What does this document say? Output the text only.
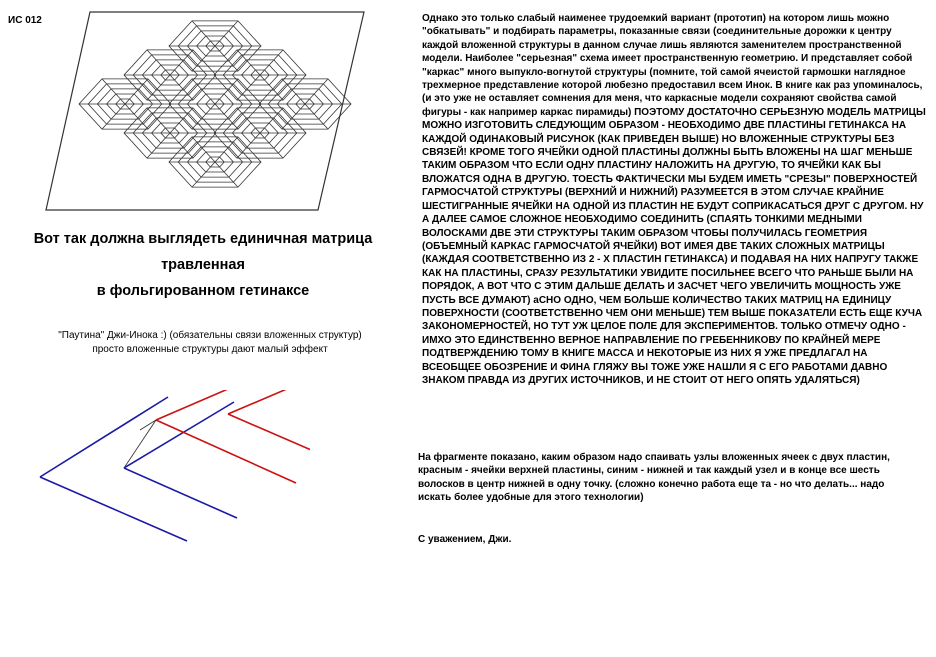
ИС 012
Вот так должна выглядеть единичная матрица
травленная
в фольгированном гетинаксе
"Паутина" Джи-Инока :) (обязательны связи вложенных структур)
просто вложенные структуры дают малый эффект

Однако это только слабый наименее трудоемкий вариант (прототип) на котором лишь можно "обкатывать" и подбирать параметры, показанные связи (соединительные дорожки к центру каждой вложенной структуры в данном случае лишь являются заменителем пространственной модели. Наиболее "серьезная" схема имеет пространственную геометрию. И представляет собой "каркас" много выпукло-вогнутой структуры (помните, той самой ячеистой гармошки наглядное трехмерное представление которой любезно предоставил всем Инок. В книге как раз упоминалось, (и это уже не оставляет сомнения для меня, что каркасные модели сохраняют свойства самой фигуры - как например каркас пирамиды) ПОЭТОМУ ДОСТАТОЧНО СЕРЬЕЗНУЮ МОДЕЛЬ МАТРИЦЫ МОЖНО ИЗГОТОВИТЬ СЛЕДУЮЩИМ ОБРАЗОМ - НЕОБХОДИМО ДВЕ ПЛАСТИНЫ ГЕТИНАКСА НА КАЖДОЙ ОДИНАКОВЫЙ РИСУНОК (КАК ПРИВЕДЕН ВЫШЕ) НО ВЛОЖЕННЫЕ СТРУКТУРЫ БЕЗ СВЯЗЕЙ! КРОМЕ ТОГО ЯЧЕЙКИ ОДНОЙ ПЛАСТИНЫ ДОЛЖНЫ БЫТЬ ВЛОЖЕНЫ НА ШАГ МЕНЬШЕ ТАКИМ ОБРАЗОМ ЧТО ЕСЛИ ОДНУ ПЛАСТИНУ НАЛОЖИТЬ НА ДРУГУЮ, ТО ЯЧЕЙКИ КАК БЫ ВЛОЖАТСЯ ОДНА В ДРУГУЮ. ТОЕСТЬ ФАКТИЧЕСКИ МЫ БУДЕМ ИМЕТЬ "СРЕЗЫ" ПОВЕРХНОСТЕЙ ГАРМОСЧАТОЙ СТРУКТУРЫ (ВЕРХНИЙ И НИЖНИЙ) РАЗУМЕЕТСЯ В ЭТОМ СЛУЧАЕ КРАЙНИЕ ШЕСТИГРАННЫЕ ЯЧЕЙКИ НА ОДНОЙ ИЗ ПЛАСТИН НЕ БУДУТ СОПРИКАСАТЬСЯ ДРУГ С ДРУГОМ. НУ А ДАЛЕЕ САМОЕ СЛОЖНОЕ НЕОБХОДИМО СОЕДИНИТЬ (СПАЯТЬ ТОНКИМИ МЕДНЫМИ ВОЛОСКАМИ ДВЕ ЭТИ СТРУКТУРЫ ТАКИМ ОБРАЗОМ ЧТОБЫ ПОЛУЧИЛАСЬ ГЕОМЕТРИЯ (ОБЪЕМНЫЙ КАРКАС ГАРМОСЧАТОЙ ЯЧЕЙКИ) ВОТ ИМЕЯ ДВЕ ТАКИХ СЛОЖНЫХ МАТРИЦЫ (КАЖДАЯ СООТВЕТСТВЕННО ИЗ 2 - Х ПЛАСТИН ГЕТИНАКСА) И ПОДАВАЯ НА НИХ НАПРУГУ ТАКЖЕ КАК НА ПЛАСТИНЫ, СРАЗУ РЕЗУЛЬТАТИКИ УВИДИТЕ ПОСИЛЬНЕЕ ВСЕГО ЧТО РАНЬШЕ БЫЛИ НА ПОРЯДОК, А ВОТ ЧТО С ЭТИМ ДАЛЬШЕ ДЕЛАТЬ И ЗАСЧЕТ ЧЕГО УВЕЛИЧИТЬ МОЩНОСТЬ УЖЕ ПУСТЬ ВСЕ ДУМАЮТ) аСНО ОДНО, ЧЕМ БОЛЬШЕ КОЛИЧЕСТВО ТАКИХ МАТРИЦ НА ЕДИНИЦУ ПОВЕРХНОСТИ (СООТВЕТСТВЕННО ЧЕМ ОНИ МЕНЬШЕ) ТЕМ ВЫШЕ ПОКАЗАТЕЛИ ЕСТЬ ЕЩЕ КУЧА ЗАКОНОМЕРНОСТЕЙ, НО ТУТ УЖ ЦЕЛОЕ ПОЛЕ ДЛЯ ЭКСПЕРИМЕНТОВ. ТОЛЬКО ОТМЕЧУ ОДНО - ИМХО ЭТО ЕДИНСТВЕННО ВЕРНОЕ НАПРАВЛЕНИЕ ПО ГРЕБЕННИКОВУ ПО КРАЙНЕЙ МЕРЕ ПОДТВЕРЖДЕНИЮ ТОМУ В КНИГЕ МАССА И НЕКОТОРЫЕ ИЗ НИХ Я УЖЕ ПРЕДЛАГАЛ НА ВСЕОБЩЕЕ ОБОЗРЕНИЕ И ФИНА ГЛЯЖУ ВЫ ТОЖЕ УЖЕ НАШЛИ Я С ЕГО РАБОТАМИ ДАВНО ЗНАКОМ ПРАВДА ИЗ ДРУГИХ ИСТОЧНИКОВ, И НЕ СТОИТ ОТ НЕГО ОПЯТЬ УДАЛЯТЬСЯ)

На фрагменте показано, каким образом надо спаивать узлы вложенных ячеек с двух пластин, красным - ячейки верхней пластины, синим - нижней и так каждый узел и в конце все шесть волосков в центр нижней в одну точку. (сложно конечно работа еще та - но что делать... надо искать более удобные для этого технологии)

С уважением, Джи.
